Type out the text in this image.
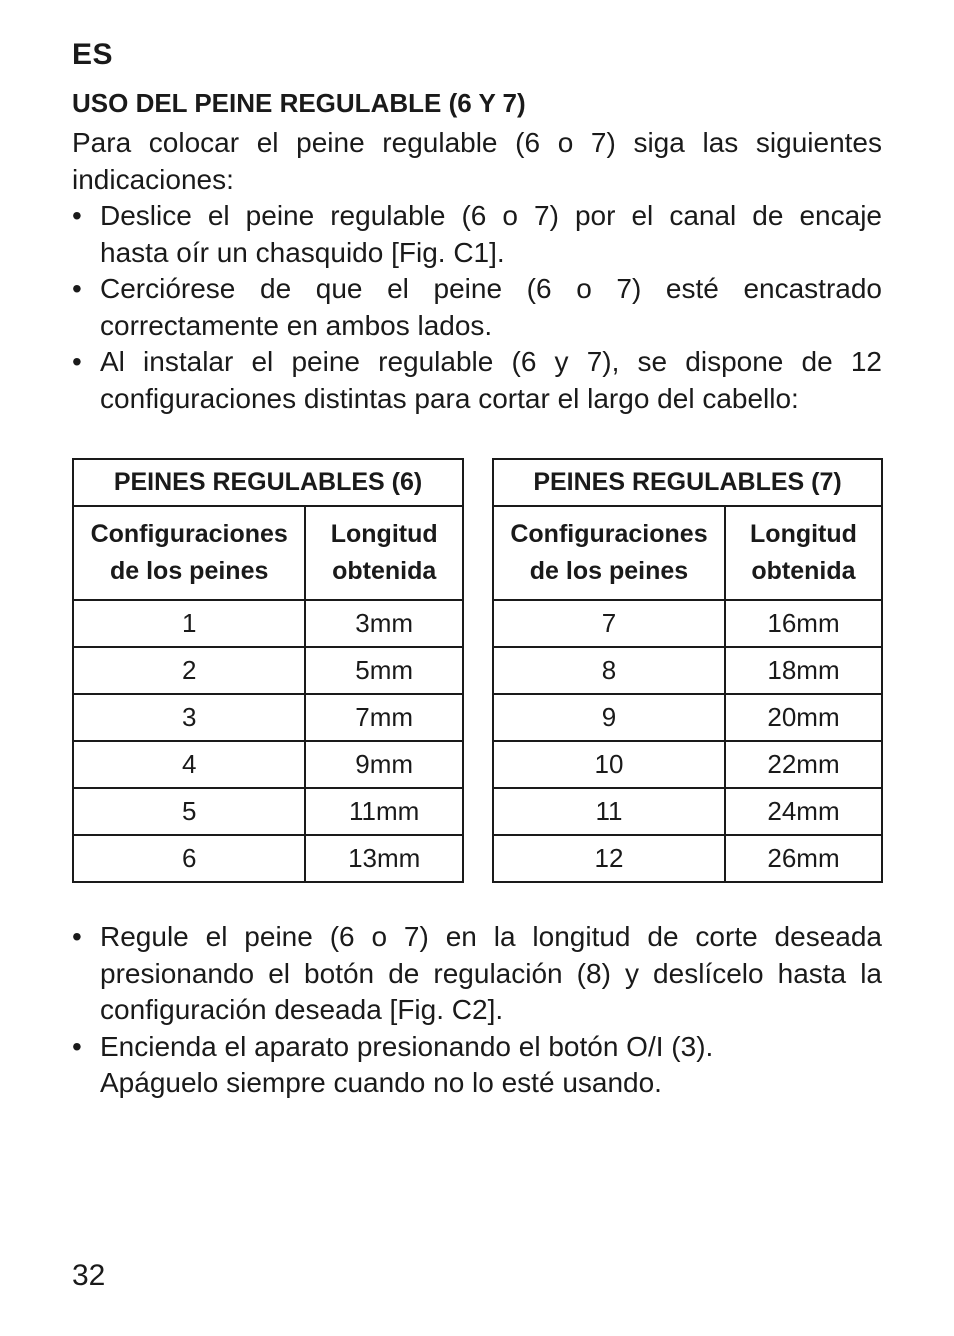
ES
USO DEL PEINE REGULABLE (6 Y 7)
Para colocar el peine regulable (6 o 7) siga las siguientes indicaciones:
• Deslice el peine regulable (6 o 7) por el canal de encaje
hasta oír un chasquido [Fig. C1].
• Cerciórese de que el peine (6 o 7) esté encastrado
correctamente en ambos lados.
• Al instalar el peine regulable (6 y 7), se dispone de 12
configuraciones distintas para cortar el largo del cabello:
PEINES REGULABLES (6)	

Configuraciones
de los peines	Longitud
obtenida

1	3mm
2	5mm
3	7mm
4	9mm
5	11mm
6	13mm
PEINES REGULABLES (7)	

Configuraciones
de los peines	Longitud
obtenida

7	16mm
8	18mm
9	20mm
10	22mm
11	24mm
12	26mm
• Regule el peine (6 o 7) en la longitud de corte deseada
presionando el botón de regulación (8) y deslícelo hasta la
configuración deseada [Fig. C2].
• Encienda el aparato presionando el botón O/I (3).
Apáguelo siempre cuando no lo esté usando.
32
